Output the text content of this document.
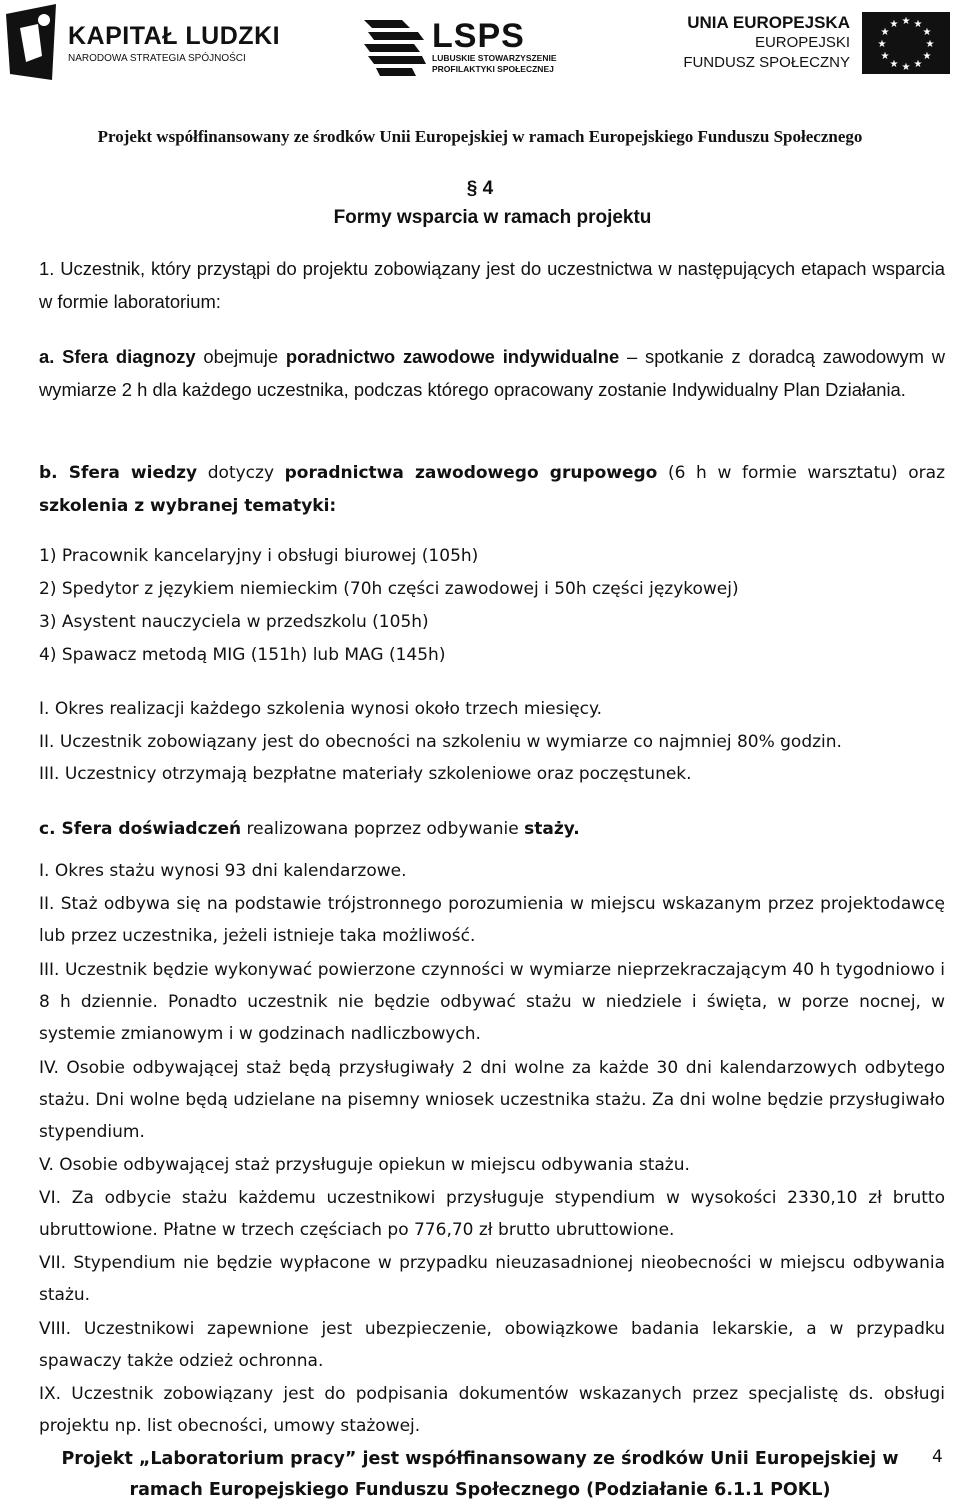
KAPITAŁ LUDZKI
NARODOWA STRATEGIA SPÓJNOŚCI
LSPS
LUBUSKIE STOWARZYSZENIE
PROFILAKTYKI SPOŁECZNEJ
UNIA EUROPEJSKA
EUROPEJSKI
FUNDUSZ SPOŁECZNY
★ ★
★
★
★
★
★
★
★
★
★
★
Projekt współfinansowany ze środków Unii Europejskiej w ramach Europejskiego Funduszu Społecznego
§ 4
Formy wsparcia w ramach projektu
1. Uczestnik, który przystąpi do projektu zobowiązany jest do uczestnictwa w następujących etapach wsparcia w formie laboratorium:
a. Sfera diagnozy obejmuje poradnictwo zawodowe indywidualne – spotkanie z doradcą zawodowym w wymiarze 2 h dla każdego uczestnika, podczas którego opracowany zostanie Indywidualny Plan Działania.
b. Sfera wiedzy dotyczy poradnictwa zawodowego grupowego (6 h w formie warsztatu) oraz szkolenia z wybranej tematyki:
1) Pracownik kancelaryjny i obsługi biurowej (105h)
2) Spedytor z językiem niemieckim (70h części zawodowej i 50h części językowej)
3) Asystent nauczyciela w przedszkolu (105h)
4) Spawacz metodą MIG (151h) lub MAG (145h)
I. Okres realizacji każdego szkolenia wynosi około trzech miesięcy.
II. Uczestnik zobowiązany jest do obecności na szkoleniu w wymiarze co najmniej 80% godzin.
III. Uczestnicy otrzymają bezpłatne materiały szkoleniowe oraz poczęstunek.
c. Sfera doświadczeń realizowana poprzez odbywanie staży.
I. Okres stażu wynosi 93 dni kalendarzowe.
II. Staż odbywa się na podstawie trójstronnego porozumienia w miejscu wskazanym przez projektodawcę lub przez uczestnika, jeżeli istnieje taka możliwość.
III. Uczestnik będzie wykonywać powierzone czynności w wymiarze nieprzekraczającym 40 h tygodniowo i 8 h dziennie. Ponadto uczestnik nie będzie odbywać stażu w niedziele i święta, w porze nocnej, w systemie zmianowym i w godzinach nadliczbowych.
IV. Osobie odbywającej staż będą przysługiwały 2 dni wolne za każde 30 dni kalendarzowych odbytego stażu. Dni wolne będą udzielane na pisemny wniosek uczestnika stażu. Za dni wolne będzie przysługiwało stypendium.
V. Osobie odbywającej staż przysługuje opiekun w miejscu odbywania stażu.
VI. Za odbycie stażu każdemu uczestnikowi przysługuje stypendium w wysokości 2330,10 zł brutto ubruttowione. Płatne w trzech częściach po 776,70 zł brutto ubruttowione.
VII. Stypendium nie będzie wypłacone w przypadku nieuzasadnionej nieobecności w miejscu odbywania stażu.
VIII. Uczestnikowi zapewnione jest ubezpieczenie, obowiązkowe badania lekarskie, a w przypadku spawaczy także odzież ochronna.
IX. Uczestnik zobowiązany jest do podpisania dokumentów wskazanych przez specjalistę ds. obsługi projektu np. list obecności, umowy stażowej.
Projekt „Laboratorium pracy” jest współfinansowany ze środków Unii Europejskiej w
ramach Europejskiego Funduszu Społecznego (Podziałanie 6.1.1 POKL)
4
